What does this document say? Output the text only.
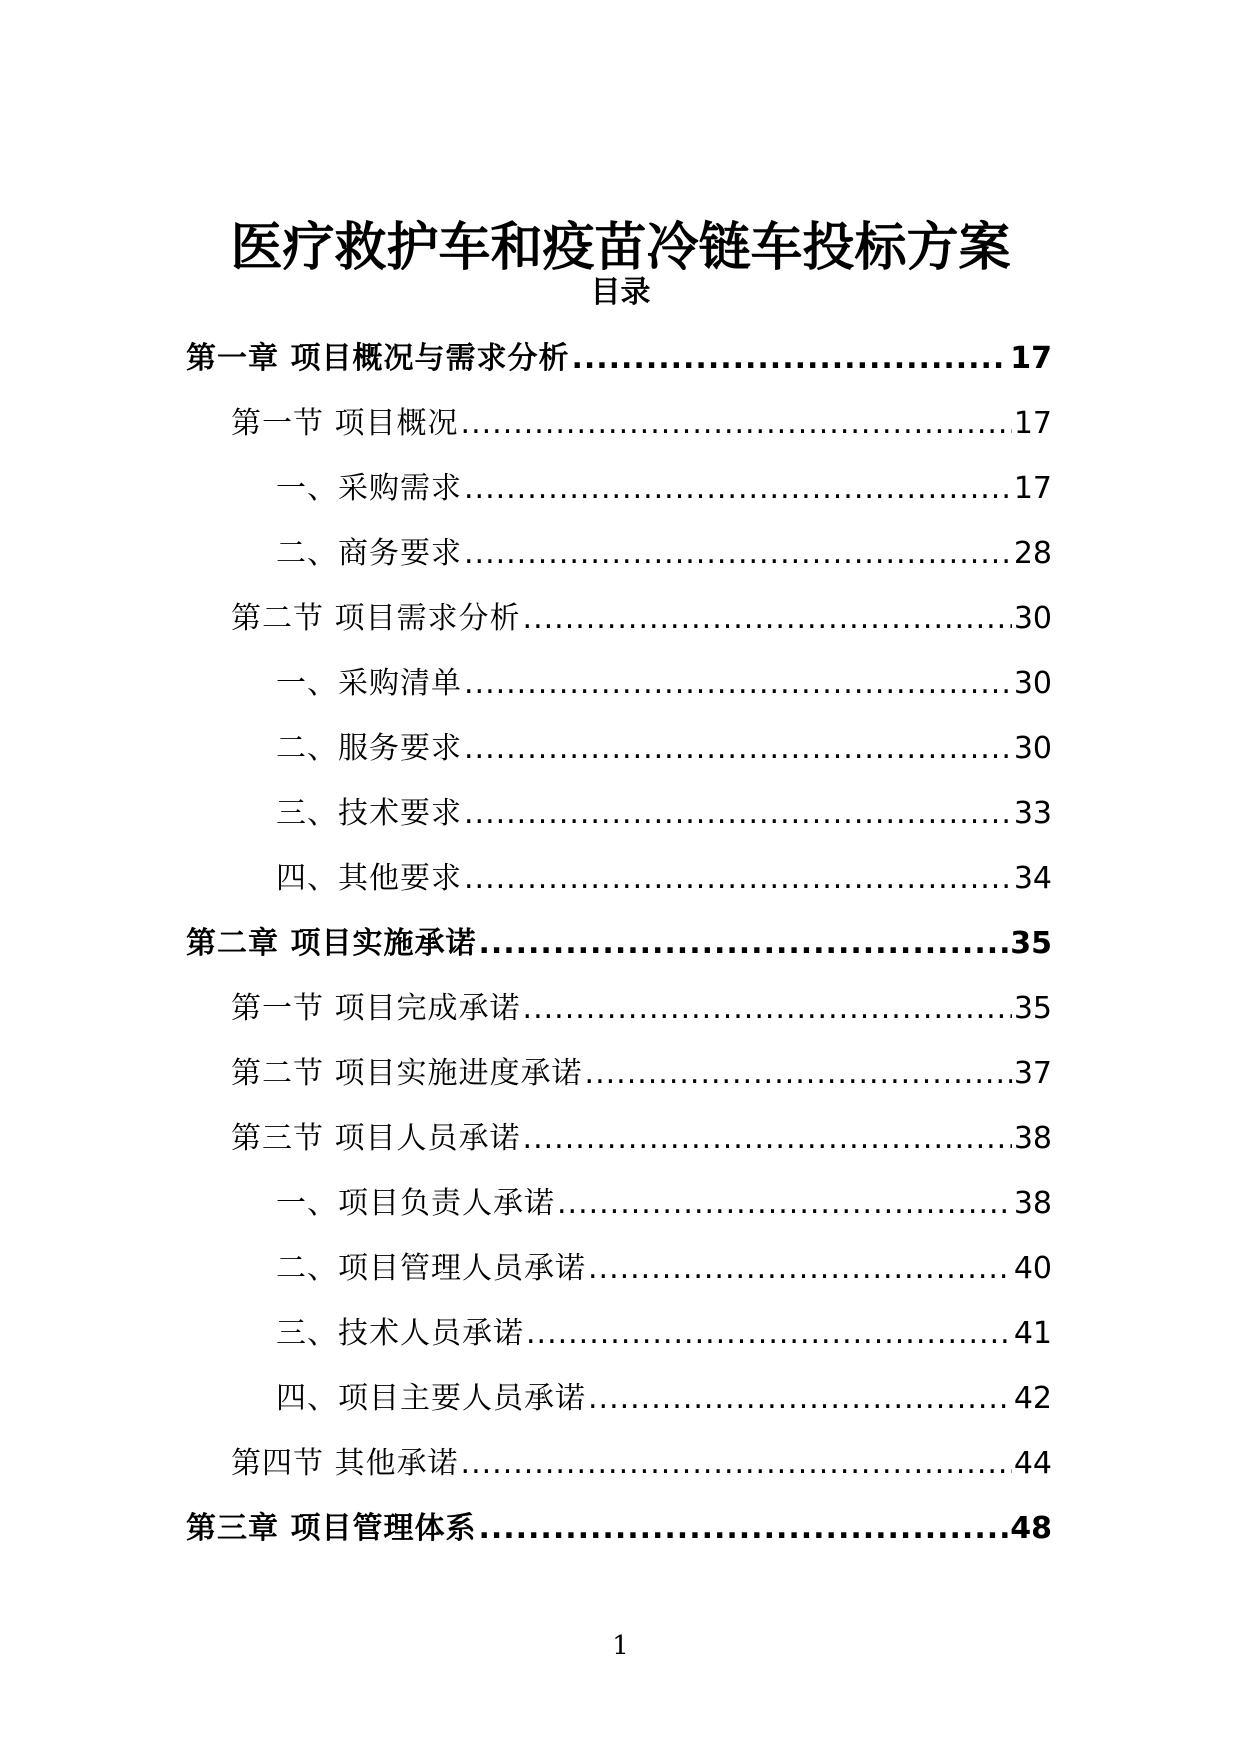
医疗救护车和疫苗冷链车投标方案
目录
第一章 项目概况与需求分析 .....	17
第一节 项目概况 .....	17
一、采购需求 .....	17
二、商务要求 .....	28
第二节 项目需求分析 .....	30
一、采购清单 .....	30
二、服务要求 .....	30
三、技术要求 .....	33
四、其他要求 .....	34
第二章 项目实施承诺 .....	35
第一节 项目完成承诺 .....	35
第二节 项目实施进度承诺 .....	37
第三节 项目人员承诺 .....	38
一、项目负责人承诺 .....	38
二、项目管理人员承诺 .....	40
三、技术人员承诺 .....	41
四、项目主要人员承诺 .....	42
第四节 其他承诺 .....	44
第三章 项目管理体系 .....	48
1
